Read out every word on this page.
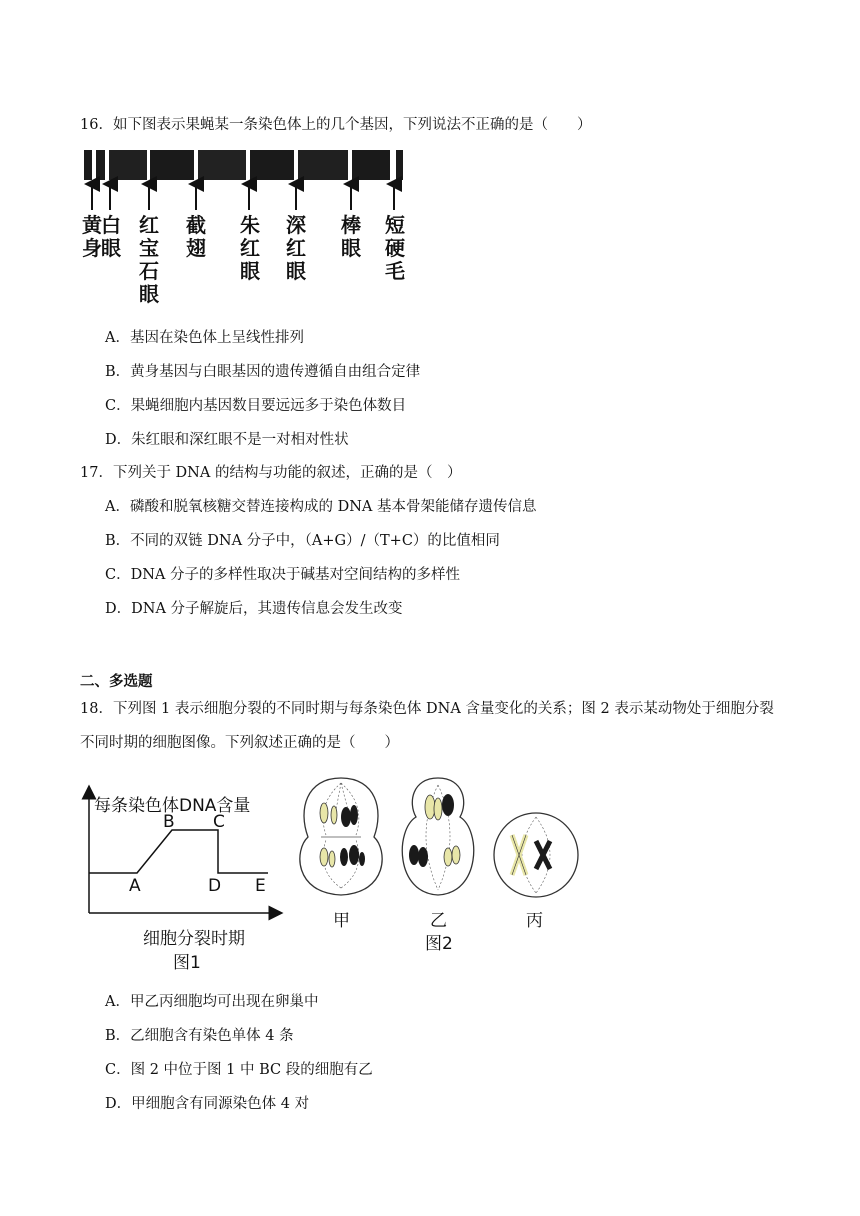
16．如下图表示果蝇某一条染色体上的几个基因，下列说法不正确的是（　　）
黄身
白眼
红宝石眼
截翅
朱红眼
深红眼
棒眼
短硬毛
A．基因在染色体上呈线性排列
B．黄身基因与白眼基因的遗传遵循自由组合定律
C．果蝇细胞内基因数目要远远多于染色体数目
D．朱红眼和深红眼不是一对相对性状
17．下列关于 DNA 的结构与功能的叙述，正确的是（　）
A．磷酸和脱氧核糖交替连接构成的 DNA 基本骨架能储存遗传信息
B．不同的双链 DNA 分子中，（A+G）/（T+C）的比值相同
C．DNA 分子的多样性取决于碱基对空间结构的多样性
D．DNA 分子解旋后，其遗传信息会发生改变
二、多选题
18．下列图 1 表示细胞分裂的不同时期与每条染色体 DNA 含量变化的关系；图 2 表示某动物处于细胞分裂
不同时期的细胞图像。下列叙述正确的是（　　）
每条染色体DNA含量
A
B C
D E
细胞分裂时期
图1
甲	乙	丙
图2
A．甲乙丙细胞均可出现在卵巢中
B．乙细胞含有染色单体 4 条
C．图 2 中位于图 1 中 BC 段的细胞有乙
D．甲细胞含有同源染色体 4 对
